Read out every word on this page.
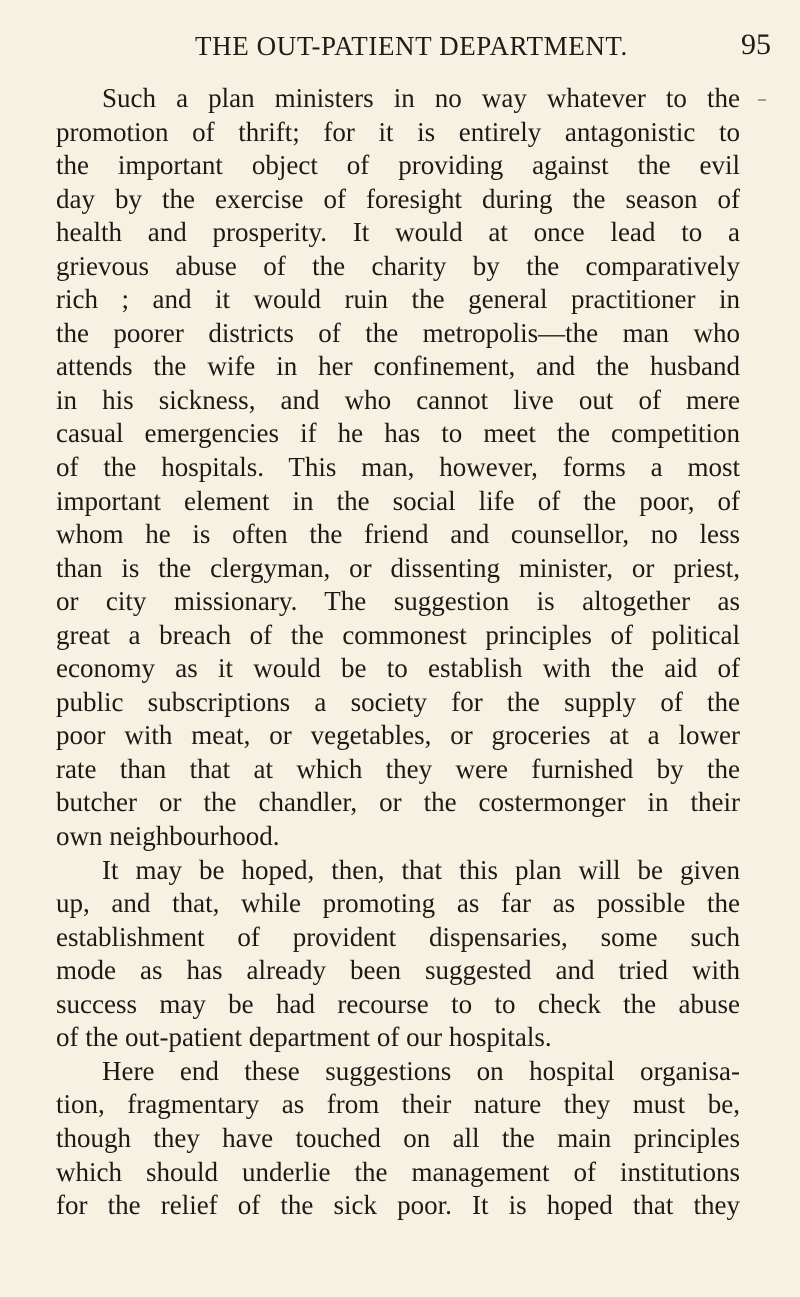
THE OUT-PATIENT DEPARTMENT.	95
Such a plan ministers in no way whatever to the
promotion of thrift; for it is entirely antagonistic to
the important object of providing against the evil
day by the exercise of foresight during the season of
health and prosperity. It would at once lead to a
grievous abuse of the charity by the comparatively
rich ; and it would ruin the general practitioner in
the poorer districts of the metropolis—the man who
attends the wife in her confinement, and the husband
in his sickness, and who cannot live out of mere
casual emergencies if he has to meet the competition
of the hospitals. This man, however, forms a most
important element in the social life of the poor, of
whom he is often the friend and counsellor, no less
than is the clergyman, or dissenting minister, or priest,
or city missionary. The suggestion is altogether as
great a breach of the commonest principles of political
economy as it would be to establish with the aid of
public subscriptions a society for the supply of the
poor with meat, or vegetables, or groceries at a lower
rate than that at which they were furnished by the
butcher or the chandler, or the costermonger in their
own neighbourhood.
It may be hoped, then, that this plan will be given
up, and that, while promoting as far as possible the
establishment of provident dispensaries, some such
mode as has already been suggested and tried with
success may be had recourse to to check the abuse
of the out-patient department of our hospitals.
Here end these suggestions on hospital organisa-
tion, fragmentary as from their nature they must be,
though they have touched on all the main principles
which should underlie the management of institutions
for the relief of the sick poor. It is hoped that they
